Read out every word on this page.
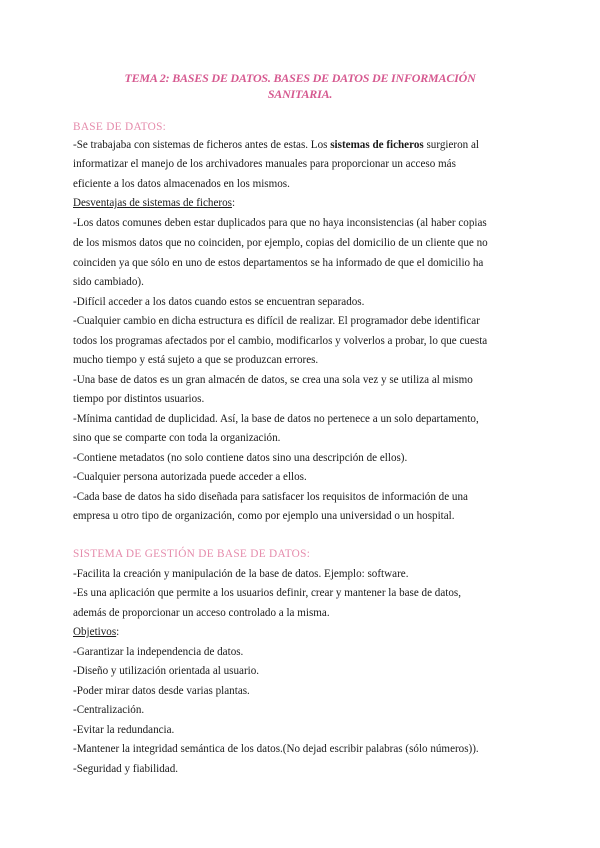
TEMA 2: BASES DE DATOS. BASES DE DATOS DE INFORMACIÓN
SANITARIA.
BASE DE DATOS:
-Se trabajaba con sistemas de ficheros antes de estas. Los sistemas de ficheros surgieron al
informatizar el manejo de los archivadores manuales para proporcionar un acceso más
eficiente a los datos almacenados en los mismos.
Desventajas de sistemas de ficheros:
-Los datos comunes deben estar duplicados para que no haya inconsistencias (al haber copias
de los mismos datos que no coinciden, por ejemplo, copias del domicilio de un cliente que no
coinciden ya que sólo en uno de estos departamentos se ha informado de que el domicilio ha
sido cambiado).
-Difícil acceder a los datos cuando estos se encuentran separados.
-Cualquier cambio en dicha estructura es difícil de realizar. El programador debe identificar
todos los programas afectados por el cambio, modificarlos y volverlos a probar, lo que cuesta
mucho tiempo y está sujeto a que se produzcan errores.
-Una base de datos es un gran almacén de datos, se crea una sola vez y se utiliza al mismo
tiempo por distintos usuarios.
-Mínima cantidad de duplicidad. Así, la base de datos no pertenece a un solo departamento,
sino que se comparte con toda la organización.
-Contiene metadatos (no solo contiene datos sino una descripción de ellos).
-Cualquier persona autorizada puede acceder a ellos.
-Cada base de datos ha sido diseñada para satisfacer los requisitos de información de una
empresa u otro tipo de organización, como por ejemplo una universidad o un hospital.
SISTEMA DE GESTIÓN DE BASE DE DATOS:
-Facilita la creación y manipulación de la base de datos. Ejemplo: software.
-Es una aplicación que permite a los usuarios definir, crear y mantener la base de datos,
además de proporcionar un acceso controlado a la misma.
Objetivos:
-Garantizar la independencia de datos.
-Diseño y utilización orientada al usuario.
-Poder mirar datos desde varias plantas.
-Centralización.
-Evitar la redundancia.
-Mantener la integridad semántica de los datos.(No dejad escribir palabras (sólo números)).
-Seguridad y fiabilidad.
